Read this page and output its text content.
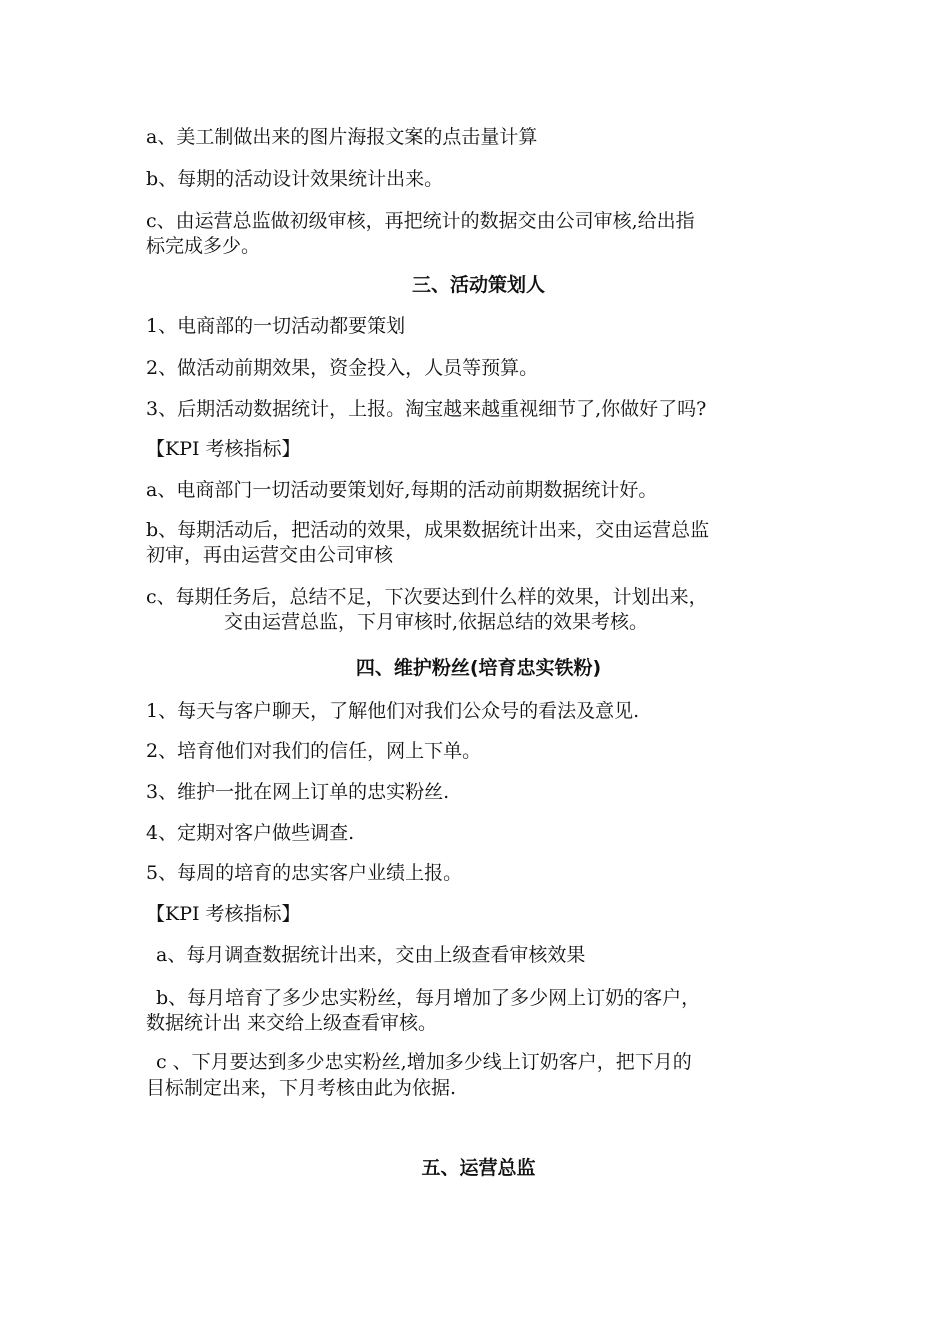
a、美工制做出来的图片海报文案的点击量计算
b、每期的活动设计效果统计出来。
c、由运营总监做初级审核，再把统计的数据交由公司审核,给出指
标完成多少。
三、活动策划人
1、电商部的一切活动都要策划
2、做活动前期效果，资金投入，人员等预算。
3、后期活动数据统计，上报。淘宝越来越重视细节了,你做好了吗?
【KPI 考核指标】
a、电商部门一切活动要策划好,每期的活动前期数据统计好。
b、每期活动后，把活动的效果，成果数据统计出来，交由运营总监
初审，再由运营交由公司审核
c、每期任务后，总结不足，下次要达到什么样的效果，计划出来，
交由运营总监，下月审核时,依据总结的效果考核。
四、维护粉丝(培育忠实铁粉)
1、每天与客户聊天，了解他们对我们公众号的看法及意见.
2、培育他们对我们的信任，网上下单。
3、维护一批在网上订单的忠实粉丝.
4、定期对客户做些调查.
5、每周的培育的忠实客户业绩上报。
【KPI 考核指标】
a、每月调查数据统计出来，交由上级查看审核效果
b、每月培育了多少忠实粉丝，每月增加了多少网上订奶的客户，
数据统计出 来交给上级查看审核。
c 、下月要达到多少忠实粉丝,增加多少线上订奶客户，把下月的
目标制定出来，下月考核由此为依据.
五、运营总监
